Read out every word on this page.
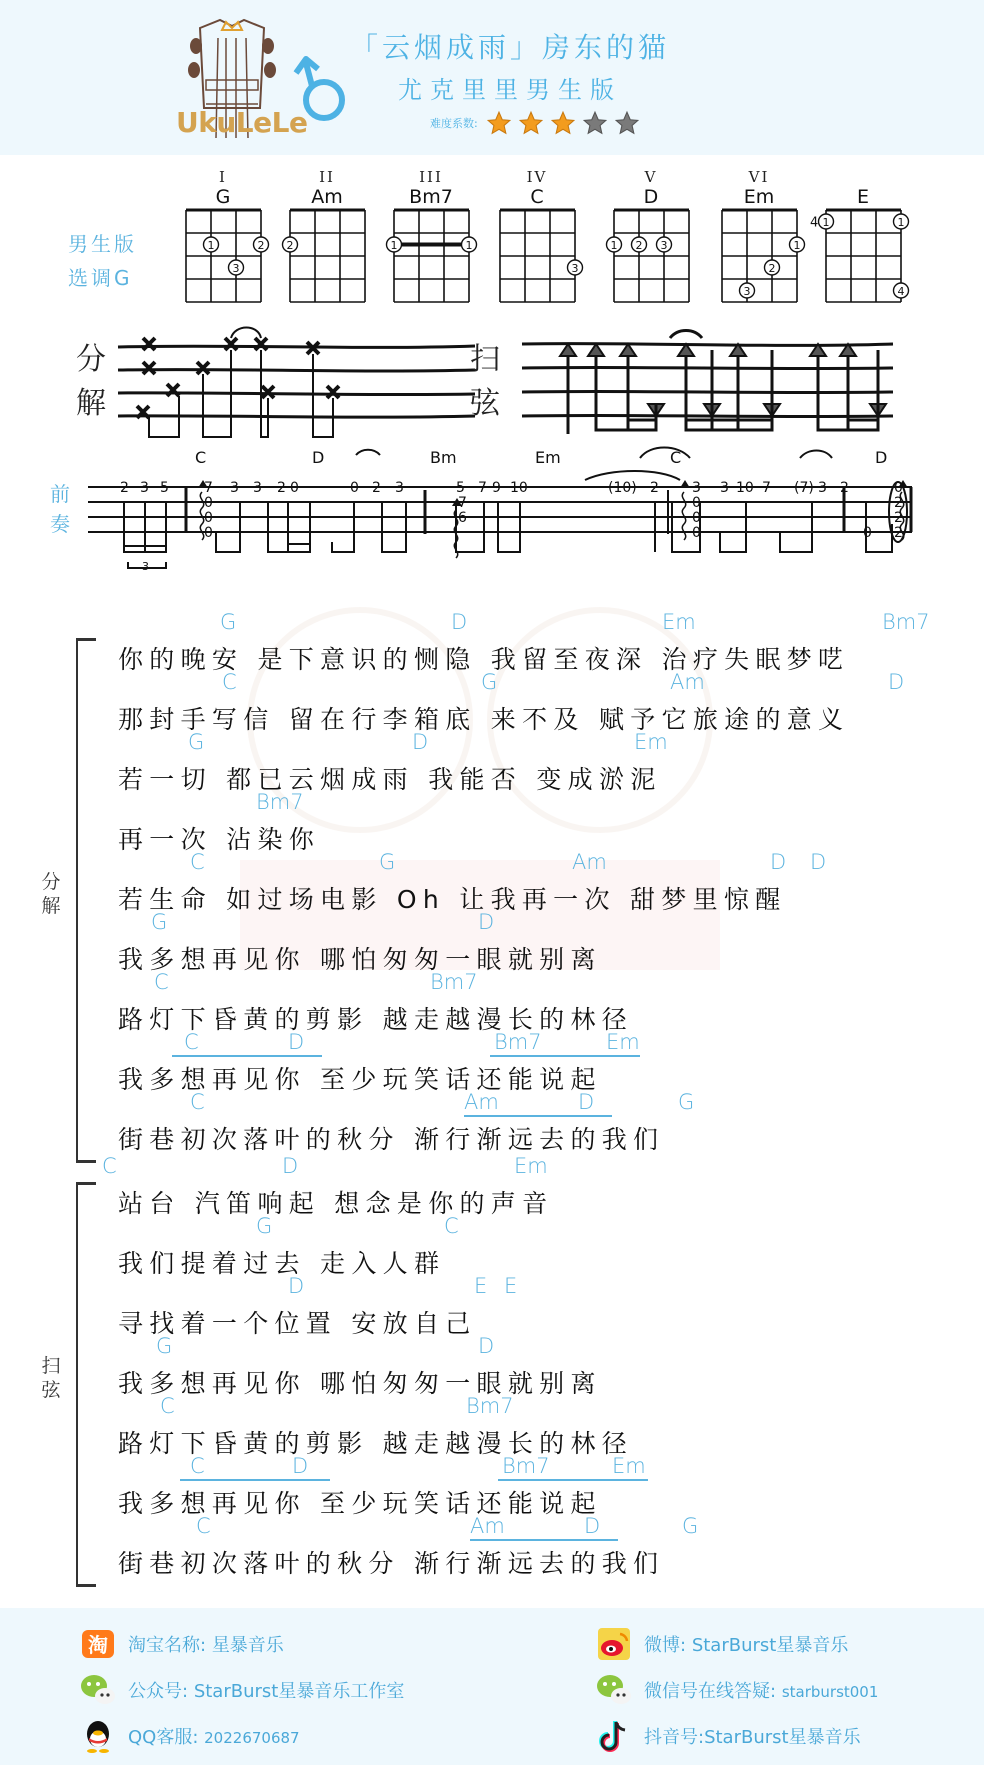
UkuLeLe
「云烟成雨」房东的猫
尤克里里男生版
难度系数:
男生版
选调G
I
G
1	2
3
II
Am
2
III
Bm7
1	1
IV
C
3
V
D
1 2 3
VI
Em
1
2
3
E
1	1
4
4
分
解
扫
弦
前
奏
C	D	Bm	Em	C	D
2 3 5	7
0
0
0
3 3 2 0	0 2 3	5
7
6
7 9 10	(10) 2 3
0
0
0
3 10 7 (7) 3 2
0
0
2
2
2
3
分
解
你的晚安 是下意识的恻隐 我留至夜深 治疗失眠梦呓
G	D	Em	Bm7
那封手写信 留在行李箱底 来不及 赋予它旅途的意义
C	G	Am	D
若一切 都已云烟成雨 我能否 变成淤泥
G	D	Em
再一次 沾染你
Bm7
若生命 如过场电影 Oh 让我再一次 甜梦里惊醒
C	G	Am	D D
我多想再见你 哪怕匆匆一眼就别离
G	D
路灯下昏黄的剪影 越走越漫长的林径
C	Bm7
我多想再见你 至少玩笑话还能说起
C	D	Bm7	Em
街巷初次落叶的秋分 渐行渐远去的我们
C	Am	D	G
扫
弦
站台 汽笛响起 想念是你的声音
C	D	Em
我们提着过去 走入人群
G	C
寻找着一个位置 安放自己
D	E E
我多想再见你 哪怕匆匆一眼就别离
G	D
路灯下昏黄的剪影 越走越漫长的林径
C	Bm7
我多想再见你 至少玩笑话还能说起
C	D	Bm7	Em
街巷初次落叶的秋分 渐行渐远去的我们
C	Am	D	G
淘 淘宝名称: 星暴音乐
公众号: StarBurst星暴音乐工作室
QQ客服: 2022670687
微博: StarBurst星暴音乐
微信号在线答疑: starburst001
抖音号:StarBurst星暴音乐
